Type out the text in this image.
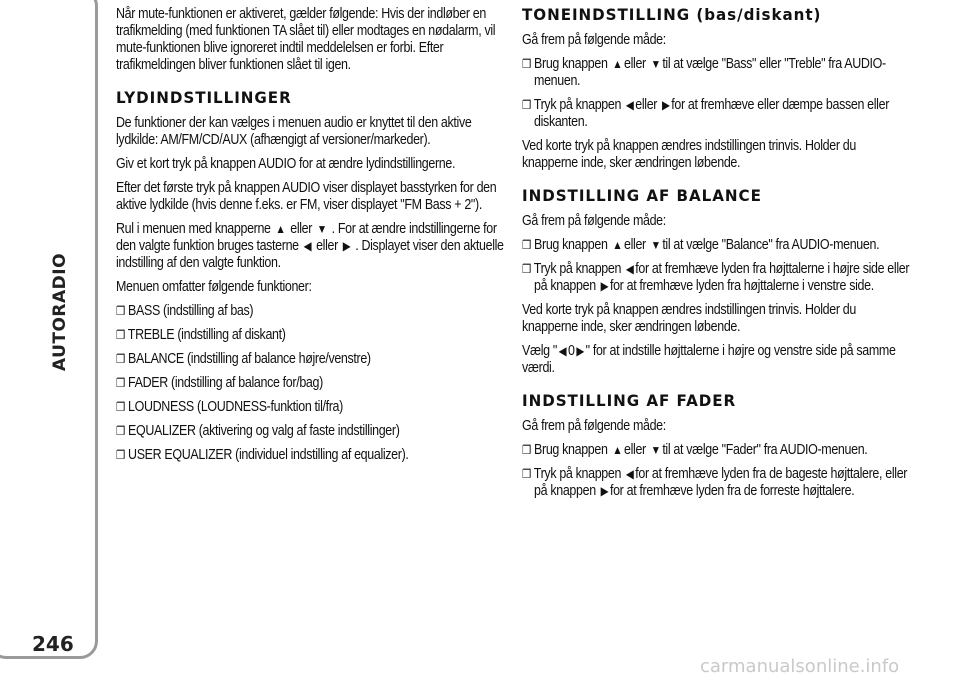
AUTORADIO
246

Når mute-funktionen er aktiveret, gælder følgende: Hvis der indløber en trafikmelding (med funktionen TA slået til) eller modtages en nødalarm, vil mute-funktionen blive ignoreret indtil meddelelsen er forbi. Efter trafikmeldingen bliver funktionen slået til igen.

LYDINDSTILLINGER

De funktioner der kan vælges i menuen audio er knyttet til den aktive lydkilde: AM/FM/CD/AUX (afhængigt af versioner/markeder).

Giv et kort tryk på knappen AUDIO for at ændre lydindstillingerne.

Efter det første tryk på knappen AUDIO viser displayet basstyrken for den aktive lydkilde (hvis denne f.eks. er FM, viser displayet "FM Bass + 2").

Rul i menuen med knapperne ▲ eller ▼ . For at ændre indstillingerne for den valgte funktion bruges tasterne ◀ eller ▶ . Displayet viser den aktuelle indstilling af den valgte funktion.

Menuen omfatter følgende funktioner:

❒ BASS (indstilling af bas)
❒ TREBLE (indstilling af diskant)
❒ BALANCE (indstilling af balance højre/venstre)
❒ FADER (indstilling af balance for/bag)
❒ LOUDNESS (LOUDNESS-funktion til/fra)
❒ EQUALIZER (aktivering og valg af faste indstillinger)
❒ USER EQUALIZER (individuel indstilling af equalizer).
TONEINDSTILLING (bas/diskant)

Gå frem på følgende måde:

❒ Brug knappen ▲ eller ▼ til at vælge "Bass" eller "Treble" fra AUDIO-menuen.
❒ Tryk på knappen ◀ eller ▶ for at fremhæve eller dæmpe bassen eller diskanten.

Ved korte tryk på knappen ændres indstillingen trinvis. Holder du knapperne inde, sker ændringen løbende.

INDSTILLING AF BALANCE

Gå frem på følgende måde:

❒ Brug knappen ▲ eller ▼ til at vælge "Balance" fra AUDIO-menuen.
❒ Tryk på knappen ◀ for at fremhæve lyden fra højttalerne i højre side eller på knappen ▶ for at fremhæve lyden fra højttalerne i venstre side.

Ved korte tryk på knappen ændres indstillingen trinvis. Holder du knapperne inde, sker ændringen løbende.

Vælg " ◀ 0 ▶ " for at indstille højttalerne i højre og venstre side på samme værdi.

INDSTILLING AF FADER

Gå frem på følgende måde:

❒ Brug knappen ▲ eller ▼ til at vælge "Fader" fra AUDIO-menuen.
❒ Tryk på knappen ◀ for at fremhæve lyden fra de bageste højttalere, eller på knappen ▶ for at fremhæve lyden fra de forreste højttalere.
carmanualsonline.info
